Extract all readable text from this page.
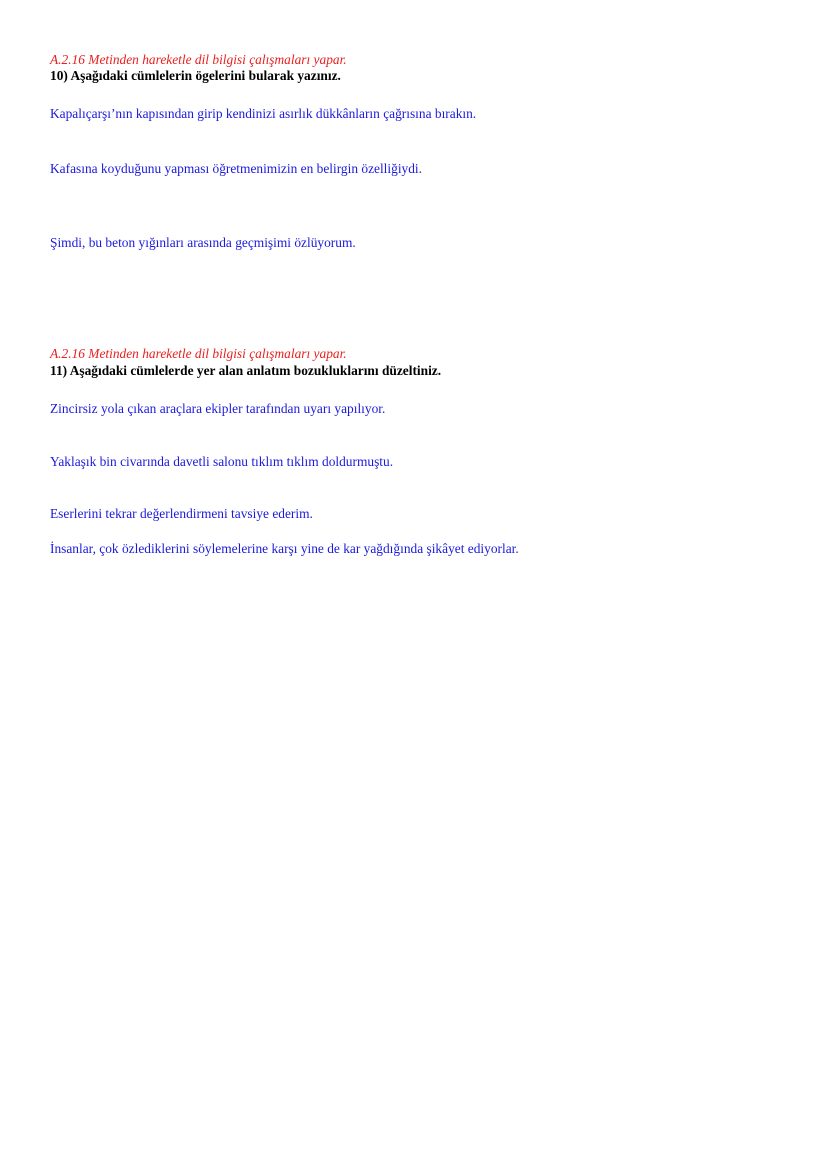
A.2.16 Metinden hareketle dil bilgisi çalışmaları yapar.
10) Aşağıdaki cümlelerin ögelerini bularak yazınız.
Kapalıçarşı’nın kapısından girip kendinizi asırlık dükkânların çağrısına bırakın.
Kafasına koyduğunu yapması öğretmenimizin en belirgin özelliğiydi.
Şimdi, bu beton yığınları arasında geçmişimi özlüyorum.
A.2.16 Metinden hareketle dil bilgisi çalışmaları yapar.
11) Aşağıdaki cümlelerde yer alan anlatım bozukluklarını düzeltiniz.
Zincirsiz yola çıkan araçlara ekipler tarafından uyarı yapılıyor.
Yaklaşık bin civarında davetli salonu tıklım tıklım doldurmuştu.
Eserlerini tekrar değerlendirmeni tavsiye ederim.
İnsanlar, çok özlediklerini söylemelerine karşı yine de kar yağdığında şikâyet ediyorlar.
